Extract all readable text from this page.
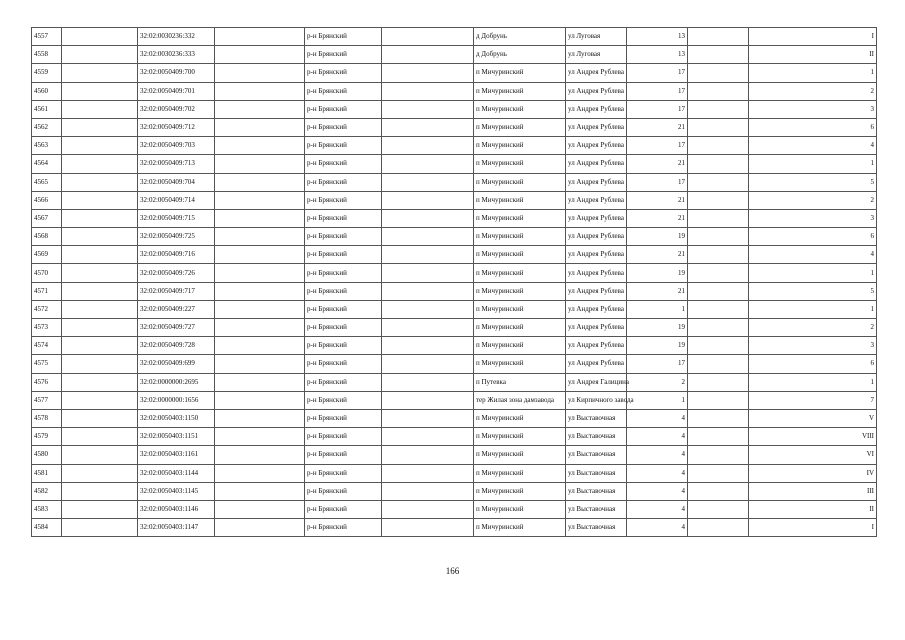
4557		32:02:0030236:332		р-н Брянский		д Добрунь	ул Луговая	13		I
4558		32:02:0030236:333		р-н Брянский		д Добрунь	ул Луговая	13		II
4559		32:02:0050409:700		р-н Брянский		п Мичуринский	ул Андрея Рублева	17		1
4560		32:02:0050409:701		р-н Брянский		п Мичуринский	ул Андрея Рублева	17		2
4561		32:02:0050409:702		р-н Брянский		п Мичуринский	ул Андрея Рублева	17		3
4562		32:02:0050409:712		р-н Брянский		п Мичуринский	ул Андрея Рублева	21		6
4563		32:02:0050409:703		р-н Брянский		п Мичуринский	ул Андрея Рублева	17		4
4564		32:02:0050409:713		р-н Брянский		п Мичуринский	ул Андрея Рублева	21		1
4565		32:02:0050409:704		р-н Брянский		п Мичуринский	ул Андрея Рублева	17		5
4566		32:02:0050409:714		р-н Брянский		п Мичуринский	ул Андрея Рублева	21		2
4567		32:02:0050409:715		р-н Брянский		п Мичуринский	ул Андрея Рублева	21		3
4568		32:02:0050409:725		р-н Брянский		п Мичуринский	ул Андрея Рублева	19		6
4569		32:02:0050409:716		р-н Брянский		п Мичуринский	ул Андрея Рублева	21		4
4570		32:02:0050409:726		р-н Брянский		п Мичуринский	ул Андрея Рублева	19		1
4571		32:02:0050409:717		р-н Брянский		п Мичуринский	ул Андрея Рублева	21		5
4572		32:02:0050409:227		р-н Брянский		п Мичуринский	ул Андрея Рублева	1		1
4573		32:02:0050409:727		р-н Брянский		п Мичуринский	ул Андрея Рублева	19		2
4574		32:02:0050409:728		р-н Брянский		п Мичуринский	ул Андрея Рублева	19		3
4575		32:02:0050409:699		р-н Брянский		п Мичуринский	ул Андрея Рублева	17		6
4576		32:02:0000000:2695		р-н Брянский		п Путевка	ул Андрея Галицина	2		1
4577		32:02:0000000:1656		р-н Брянский		тер Жилая зона дамзавода	ул Кирпичного завода	1		7
4578		32:02:0050403:1150		р-н Брянский		п Мичуринский	ул Выставочная	4		V
4579		32:02:0050403:1151		р-н Брянский		п Мичуринский	ул Выставочная	4		VIII
4580		32:02:0050403:1161		р-н Брянский		п Мичуринский	ул Выставочная	4		VI
4581		32:02:0050403:1144		р-н Брянский		п Мичуринский	ул Выставочная	4		IV
4582		32:02:0050403:1145		р-н Брянский		п Мичуринский	ул Выставочная	4		III
4583		32:02:0050403:1146		р-н Брянский		п Мичуринский	ул Выставочная	4		II
4584		32:02:0050403:1147		р-н Брянский		п Мичуринский	ул Выставочная	4		I
166
